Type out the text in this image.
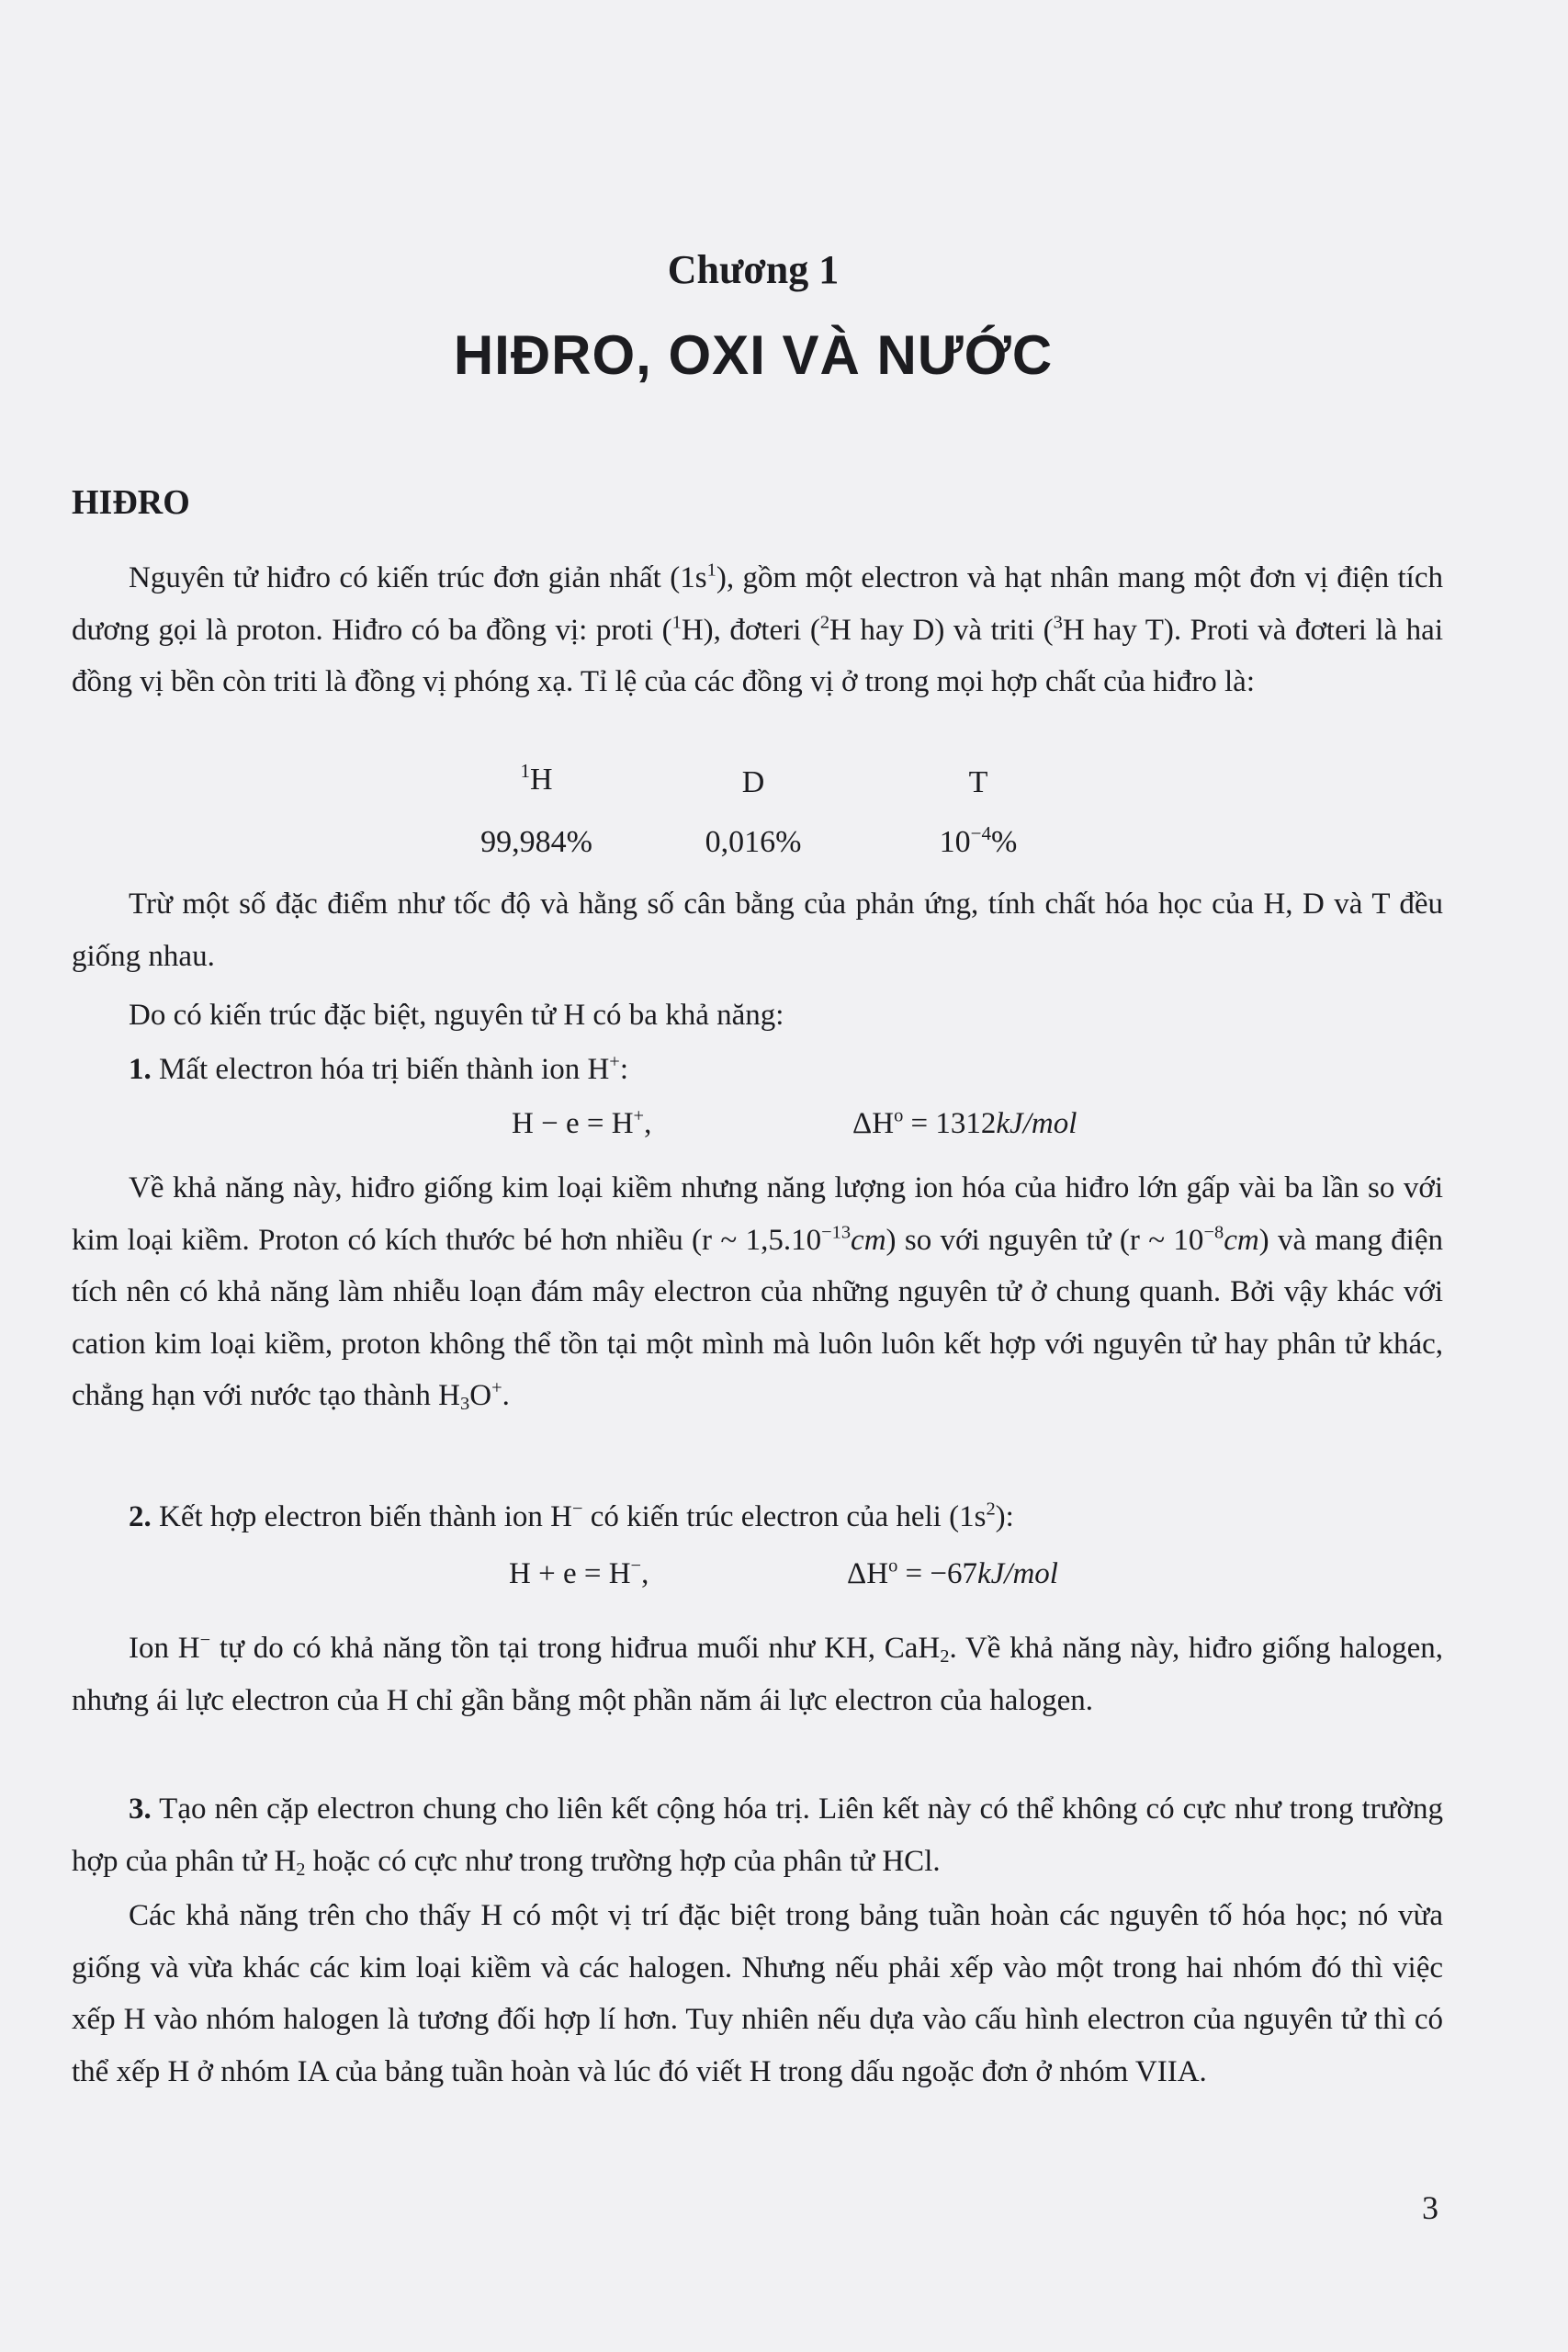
Chương 1
HIĐRO, OXI VÀ NƯỚC
HIĐRO
Nguyên tử hiđro có kiến trúc đơn giản nhất $(1s^1)$, gồm một electron và hạt nhân mang một đơn vị điện tích dương gọi là proton. Hiđro có ba đồng vị: proti ($^1$H), đơteri ($^2$H hay D) và triti ($^3$H hay T). Proti và đơteri là hai đồng vị bền còn triti là đồng vị phóng xạ. Tỉ lệ của các đồng vị ở trong mọi hợp chất của hiđro là:
$^1$H	D	T
99,984%	0,016%	$10^{-4}\%$
Trừ một số đặc điểm như tốc độ và hằng số cân bằng của phản ứng, tính chất hóa học của H, D và T đều giống nhau.
Do có kiến trúc đặc biệt, nguyên tử H có ba khả năng:
1. Mất electron hóa trị biến thành ion H+:
H − e = H+,	$\Delta H^o = 1312kJ/mol$
Về khả năng này, hiđro giống kim loại kiềm nhưng năng lượng ion hóa của hiđro lớn gấp vài ba lần so với kim loại kiềm. Proton có kích thước bé hơn nhiều (r ~ $1,5.10^{-13}cm$) so với nguyên tử (r ~ $10^{-8}cm$) và mang điện tích nên có khả năng làm nhiễu loạn đám mây electron của những nguyên tử ở chung quanh. Bởi vậy khác với cation kim loại kiềm, proton không thể tồn tại một mình mà luôn luôn kết hợp với nguyên tử hay phân tử khác, chẳng hạn với nước tạo thành $H_3O^+$.
2. Kết hợp electron biến thành ion H− có kiến trúc electron của heli $(1s^2)$:
H + e = H−,	$\Delta H^o = -67kJ/mol$
Ion H− tự do có khả năng tồn tại trong hiđrua muối như KH, CaH$_2$. Về khả năng này, hiđro giống halogen, nhưng ái lực electron của H chỉ gần bằng một phần năm ái lực electron của halogen.
3. Tạo nên cặp electron chung cho liên kết cộng hóa trị. Liên kết này có thể không có cực như trong trường hợp của phân tử $H_2$ hoặc có cực như trong trường hợp của phân tử HCl.
Các khả năng trên cho thấy H có một vị trí đặc biệt trong bảng tuần hoàn các nguyên tố hóa học; nó vừa giống và vừa khác các kim loại kiềm và các halogen. Nhưng nếu phải xếp vào một trong hai nhóm đó thì việc xếp H vào nhóm halogen là tương đối hợp lí hơn. Tuy nhiên nếu dựa vào cấu hình electron của nguyên tử thì có thể xếp H ở nhóm IA của bảng tuần hoàn và lúc đó viết H trong dấu ngoặc đơn ở nhóm VIIA.
3
